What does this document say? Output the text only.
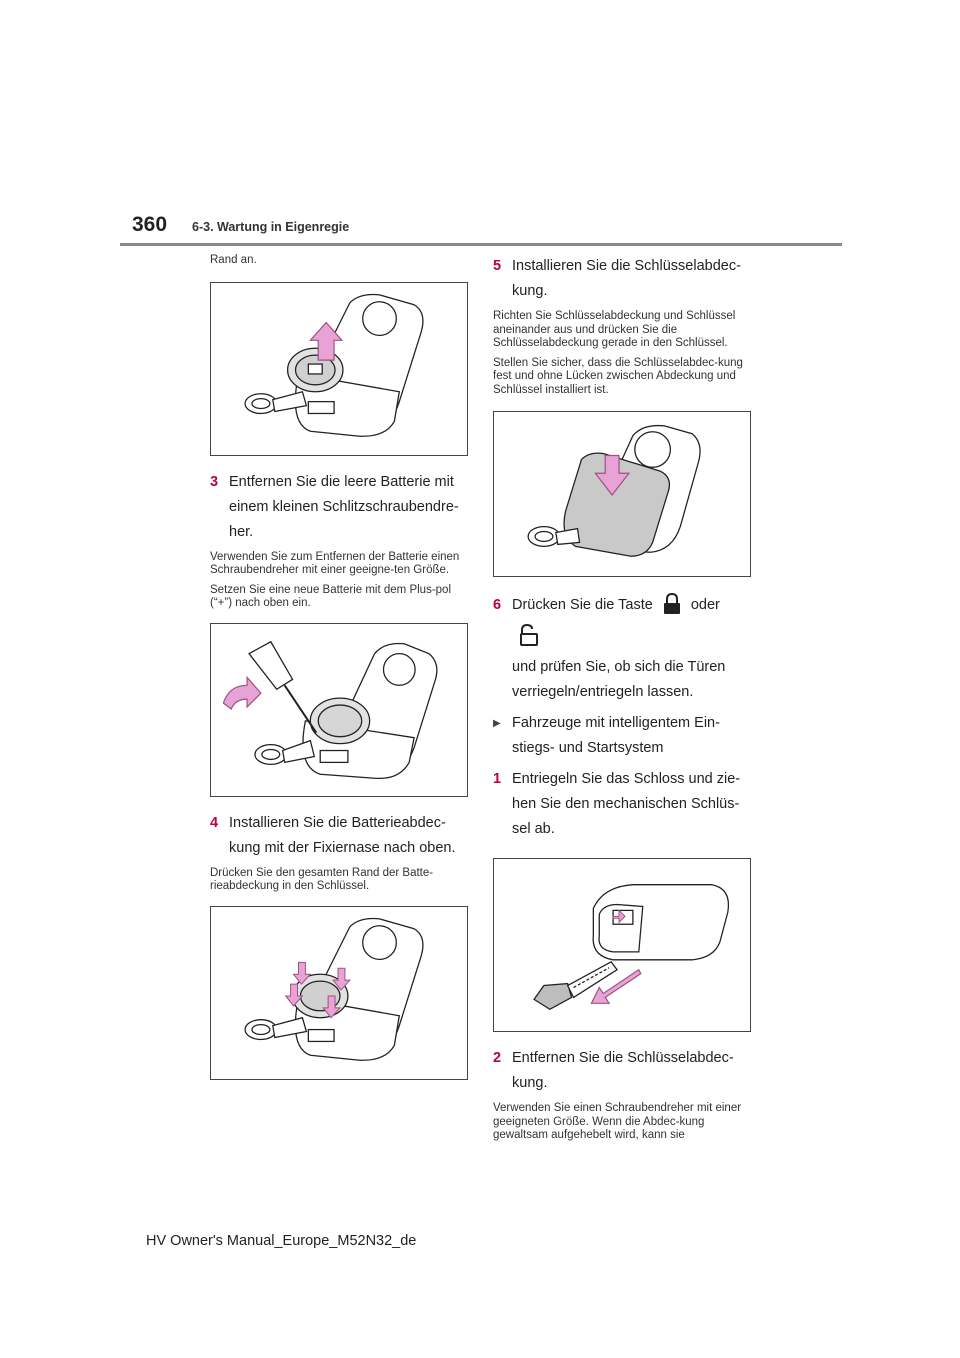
360 6-3. Wartung in Eigenregie

Rand an.

3 Entfernen Sie die leere Batterie mit einem kleinen Schlitzschraubendre-her.

Verwenden Sie zum Entfernen der Batterie einen Schraubendreher mit einer geeigne-ten Größe.

Setzen Sie eine neue Batterie mit dem Plus-pol (“+”) nach oben ein.

4 Installieren Sie die Batterieabdec-kung mit der Fixiernase nach oben.

Drücken Sie den gesamten Rand der Batte-rieabdeckung in den Schlüssel.

5 Installieren Sie die Schlüsselabdec-kung.

Richten Sie Schlüsselabdeckung und Schlüssel aneinander aus und drücken Sie die Schlüsselabdeckung gerade in den Schlüssel.

Stellen Sie sicher, dass die Schlüsselabdec-kung fest und ohne Lücken zwischen Abdeckung und Schlüssel installiert ist.

6 Drücken Sie die Taste	oder
und prüfen Sie, ob sich die Türen verriegeln/entriegeln lassen.
▶ Fahrzeuge mit intelligentem Ein-stiegs- und Startsystem
1 Entriegeln Sie das Schloss und zie-hen Sie den mechanischen Schlüs-sel ab.
2 Entfernen Sie die Schlüsselabdec-kung.

Verwenden Sie einen Schraubendreher mit einer geeigneten Größe. Wenn die Abdec-kung gewaltsam aufgehebelt wird, kann sie

HV Owner's Manual_Europe_M52N32_de
